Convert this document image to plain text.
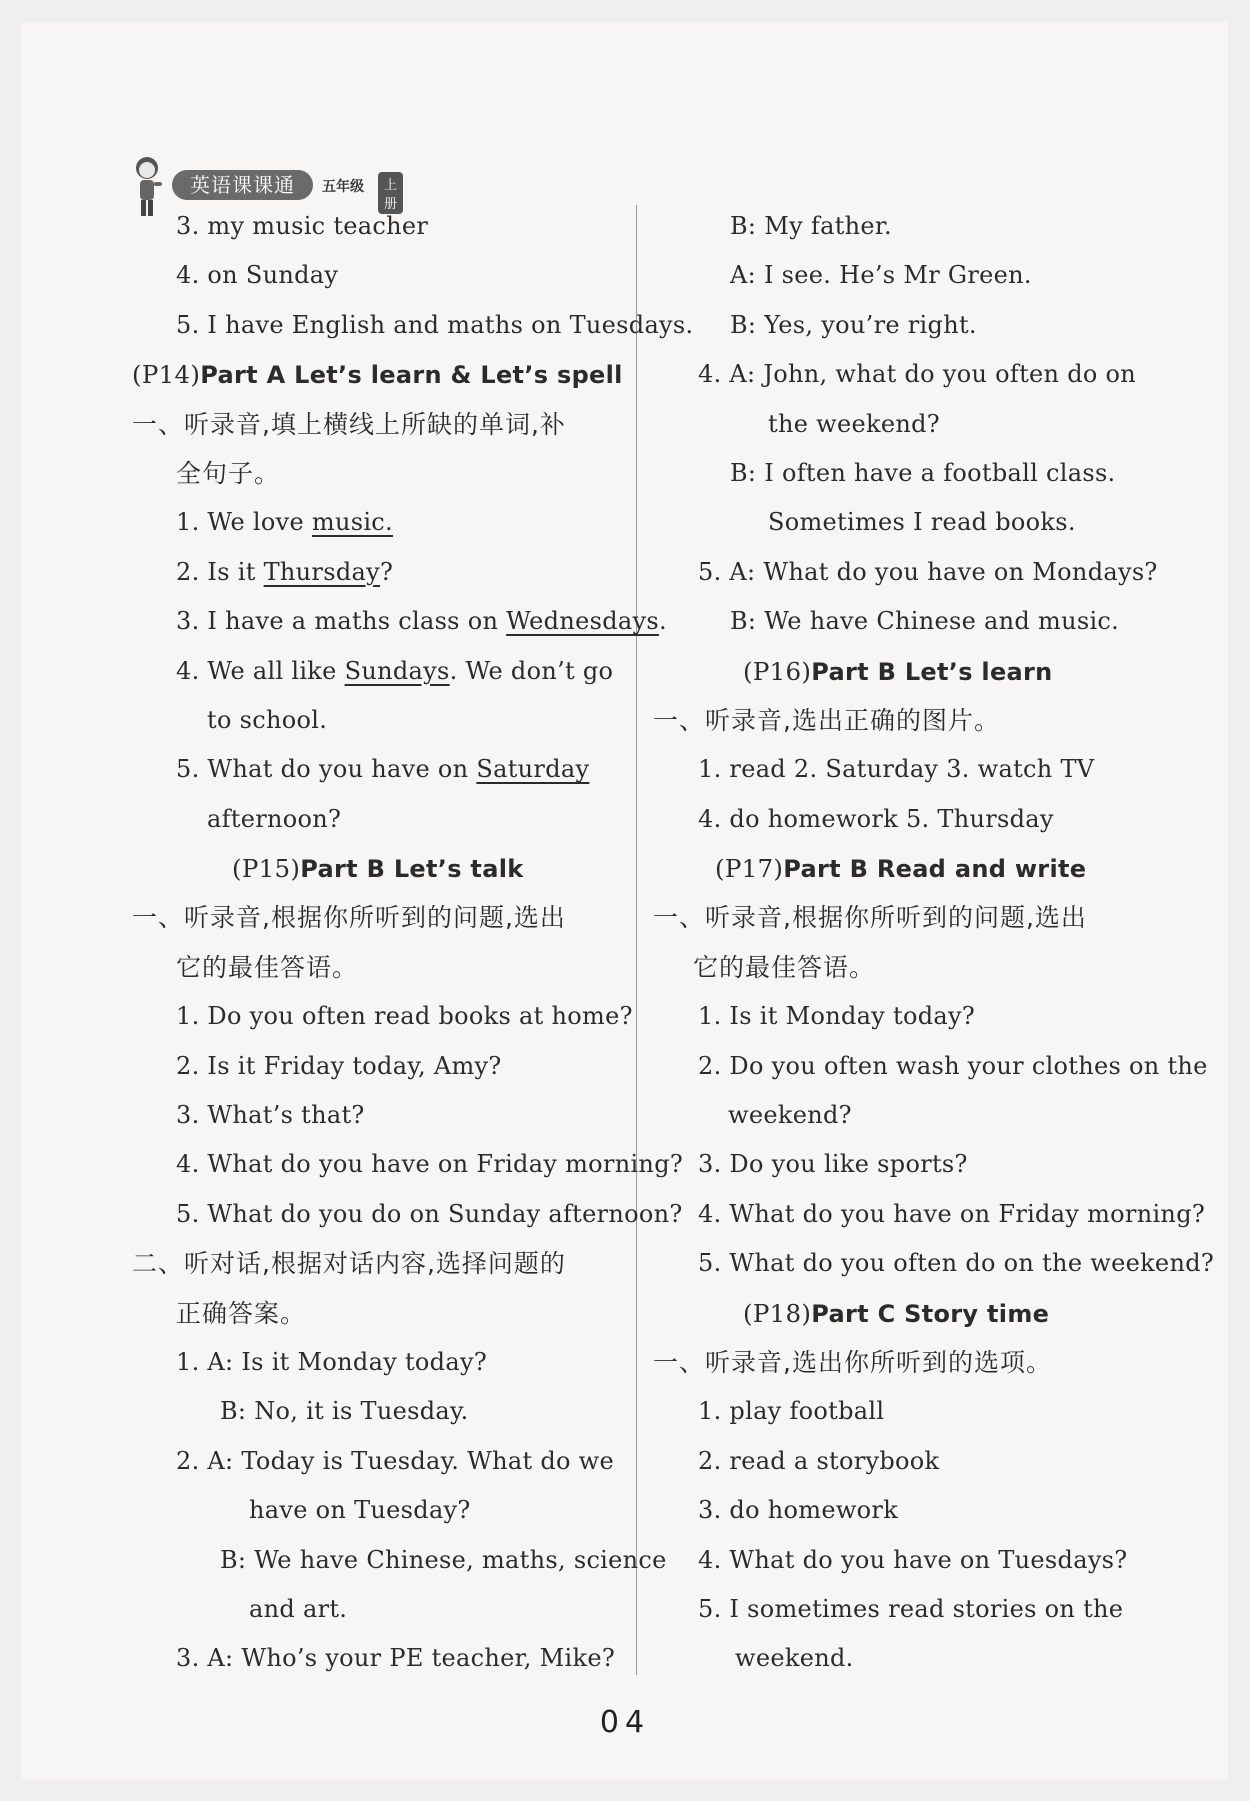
英语课课通	五年级	上册
3. my music teacher
4. on Sunday
5. I have English and maths on Tuesdays.
(P14)Part A Let’s learn & Let’s spell
一、听录音,填上横线上所缺的单词,补
全句子。
1. We love music.
2. Is it Thursday?
3. I have a maths class on Wednesdays.
4. We all like Sundays. We don’t go
to school.
5. What do you have on Saturday
afternoon?
(P15)Part B Let’s talk
一、听录音,根据你所听到的问题,选出
它的最佳答语。
1. Do you often read books at home?
2. Is it Friday today, Amy?
3. What’s that?
4. What do you have on Friday morning?
5. What do you do on Sunday afternoon?
二、听对话,根据对话内容,选择问题的
正确答案。
1. A: Is it Monday today?
B: No, it is Tuesday.
2. A: Today is Tuesday. What do we
have on Tuesday?
B: We have Chinese, maths, science
and art.
3. A: Who’s your PE teacher, Mike?
B: My father.
A: I see. He’s Mr Green.
B: Yes, you’re right.
4. A: John, what do you often do on
the weekend?
B: I often have a football class.
Sometimes I read books.
5. A: What do you have on Mondays?
B: We have Chinese and music.
(P16)Part B Let’s learn
一、听录音,选出正确的图片。
1. read 2. Saturday 3. watch TV
4. do homework 5. Thursday
(P17)Part B Read and write
一、听录音,根据你所听到的问题,选出
它的最佳答语。
1. Is it Monday today?
2. Do you often wash your clothes on the
weekend?
3. Do you like sports?
4. What do you have on Friday morning?
5. What do you often do on the weekend?
(P18)Part C Story time
一、听录音,选出你所听到的选项。
1. play football
2. read a storybook
3. do homework
4. What do you have on Tuesdays?
5. I sometimes read stories on the
weekend.
04
